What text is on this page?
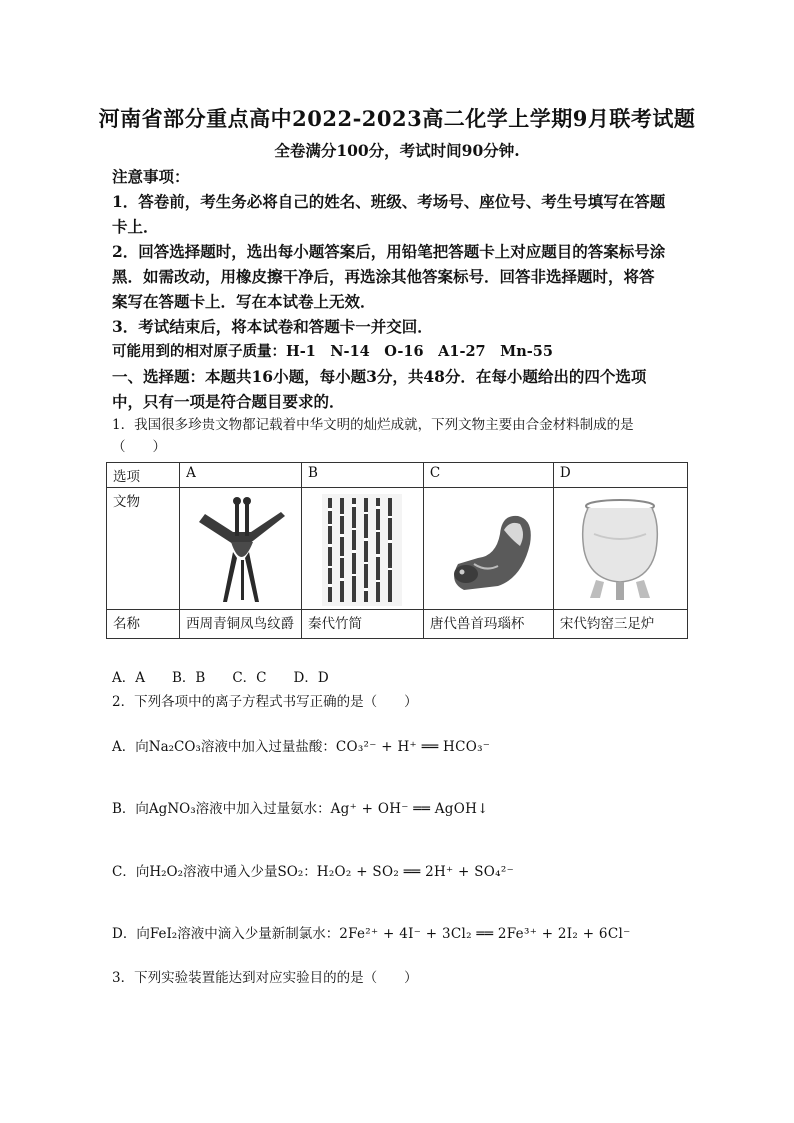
河南省部分重点高中2022-2023高二化学上学期9月联考试题
全卷满分100分，考试时间90分钟.
注意事项：
1．答卷前，考生务必将自己的姓名、班级、考场号、座位号、考生号填写在答题
卡上．
2．回答选择题时，选出每小题答案后，用铅笔把答题卡上对应题目的答案标号涂
黑．如需改动，用橡皮擦干净后，再选涂其他答案标号．回答非选择题时，将答
案写在答题卡上．写在本试卷上无效．
3．考试结束后，将本试卷和答题卡一并交回．
可能用到的相对原子质量：H-1　N-14　O-16　A1-27　Mn-55
一、选择题：本题共16小题，每小题3分，共48分．在每小题给出的四个选项
中，只有一项是符合题目要求的．
1．我国很多珍贵文物都记载着中华文明的灿烂成就，下列文物主要由合金材料制成的是
（　　）
选项	A	B	C	D
文物	

名称	西周青铜凤鸟纹爵	秦代竹简	唐代兽首玛瑙杯	宋代钧窑三足炉
A．A　　B．B　　C．C　　D．D
2．下列各项中的离子方程式书写正确的是（　　）
A．向Na₂CO₃溶液中加入过量盐酸：CO₃²⁻ + H⁺ ══ HCO₃⁻
B．向AgNO₃溶液中加入过量氨水：Ag⁺ + OH⁻ ══ AgOH↓
C．向H₂O₂溶液中通入少量SO₂：H₂O₂ + SO₂ ══ 2H⁺ + SO₄²⁻
D．向FeI₂溶液中滴入少量新制氯水：2Fe²⁺ + 4I⁻ + 3Cl₂ ══ 2Fe³⁺ + 2I₂ + 6Cl⁻
3．下列实验装置能达到对应实验目的的是（　　）
